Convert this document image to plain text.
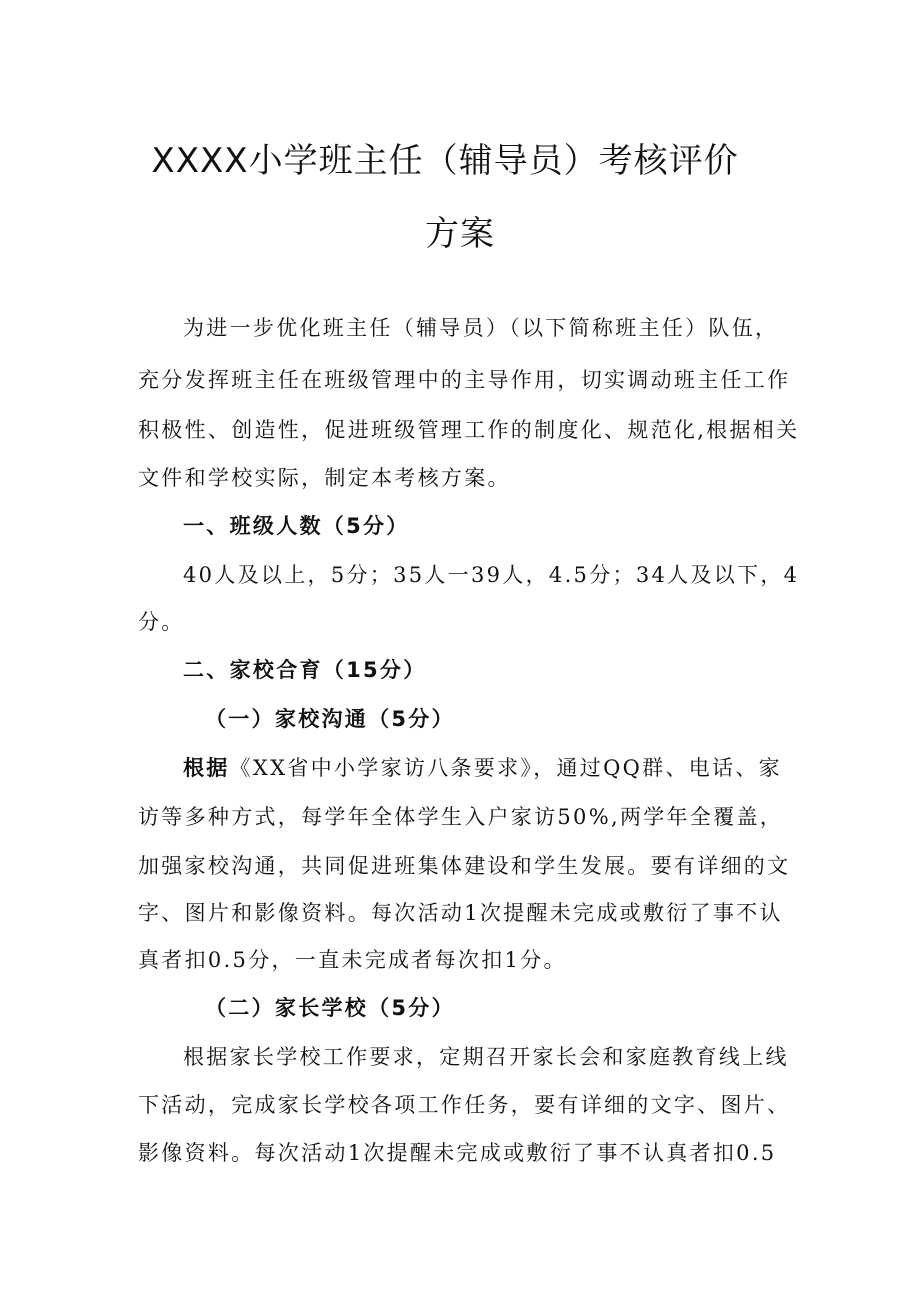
XXXX小学班主任（辅导员）考核评价
方案
为进一步优化班主任（辅导员）（以下简称班主任）队伍，
充分发挥班主任在班级管理中的主导作用，切实调动班主任工作
积极性、创造性，促进班级管理工作的制度化、规范化,根据相关
文件和学校实际，制定本考核方案。
一、班级人数（5分）
40人及以上，5分；35人一39人，4.5分；34人及以下，4
分。
二、家校合育（15分）
（一）家校沟通（5分）
根据《XX省中小学家访八条要求》，通过QQ群、电话、家
访等多种方式，每学年全体学生入户家访50%,两学年全覆盖，
加强家校沟通，共同促进班集体建设和学生发展。要有详细的文
字、图片和影像资料。每次活动1次提醒未完成或敷衍了事不认
真者扣0.5分，一直未完成者每次扣1分。
（二）家长学校（5分）
根据家长学校工作要求，定期召开家长会和家庭教育线上线
下活动，完成家长学校各项工作任务，要有详细的文字、图片、
影像资料。每次活动1次提醒未完成或敷衍了事不认真者扣0.5
